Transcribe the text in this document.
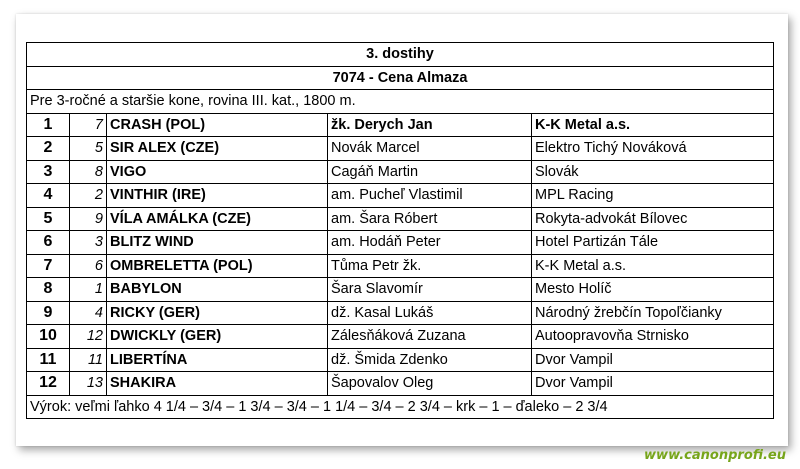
3. dostihy				
7074 - Cena Almaza				
Pre 3-ročné a staršie kone, rovina III. kat., 1800 m.				
1	7	CRASH (POL)	žk. Derych Jan	K-K Metal a.s.
2	5	SIR ALEX (CZE)	Novák Marcel	Elektro Tichý Nováková
3	8	VIGO	Cagáň Martin	Slovák
4	2	VINTHIR (IRE)	am. Pucheľ Vlastimil	MPL Racing
5	9	VÍLA AMÁLKA (CZE)	am. Šara Róbert	Rokyta-advokát Bílovec
6	3	BLITZ WIND	am. Hodáň Peter	Hotel Partizán Tále
7	6	OMBRELETTA (POL)	Tůma Petr žk.	K-K Metal a.s.
8	1	BABYLON	Šara Slavomír	Mesto Holíč
9	4	RICKY (GER)	dž. Kasal Lukáš	Národný žrebčín Topoľčianky
10	12	DWICKLY (GER)	Zálesňáková Zuzana	Autoopravovňa Strnisko
11	11	LIBERTÍNA	dž. Šmida Zdenko	Dvor Vampil
12	13	SHAKIRA	Šapovalov Oleg	Dvor Vampil
Výrok: veľmi ľahko 4 1/4 – 3/4 – 1 3/4 – 3/4 – 1 1/4 – 3/4 – 2 3/4 – krk – 1 – ďaleko – 2 3/4				
www.canonprofi.eu
